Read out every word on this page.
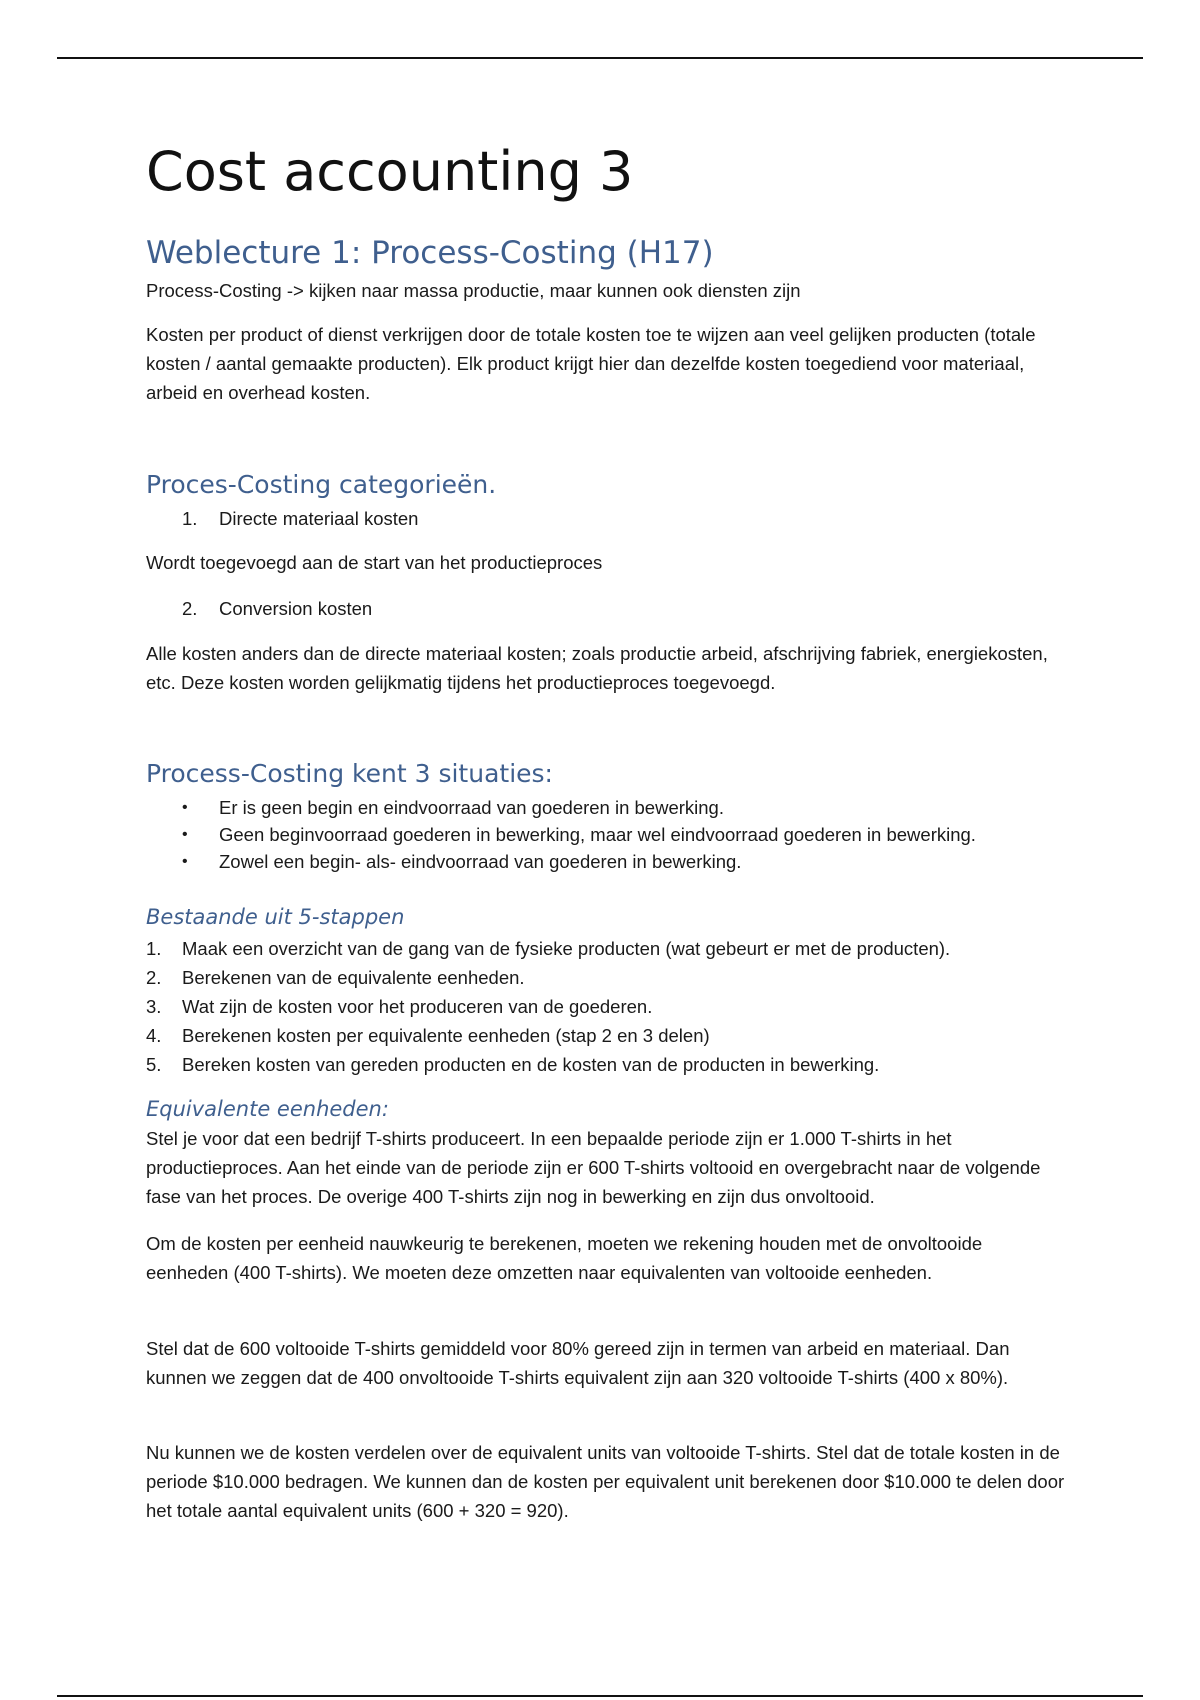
Cost accounting 3
Weblecture 1: Process-Costing (H17)

Process-Costing -> kijken naar massa productie, maar kunnen ook diensten zijn

Kosten per product of dienst verkrijgen door de totale kosten toe te wijzen aan veel gelijken producten (totale kosten / aantal gemaakte producten). Elk product krijgt hier dan dezelfde kosten toegediend voor materiaal, arbeid en overhead kosten.

Proces-Costing categorieën.
1. Directe materiaal kosten

Wordt toegevoegd aan de start van het productieproces

2. Conversion kosten

Alle kosten anders dan de directe materiaal kosten; zoals productie arbeid, afschrijving fabriek, energiekosten, etc. Deze kosten worden gelijkmatig tijdens het productieproces toegevoegd.

Process-Costing kent 3 situaties:
• Er is geen begin en eindvoorraad van goederen in bewerking.
• Geen beginvoorraad goederen in bewerking, maar wel eindvoorraad goederen in bewerking.
• Zowel een begin- als- eindvoorraad van goederen in bewerking.
Bestaande uit 5-stappen
1. Maak een overzicht van de gang van de fysieke producten (wat gebeurt er met de producten).
2. Berekenen van de equivalente eenheden.
3. Wat zijn de kosten voor het produceren van de goederen.
4. Berekenen kosten per equivalente eenheden (stap 2 en 3 delen)
5. Bereken kosten van gereden producten en de kosten van de producten in bewerking.
Equivalente eenheden:

Stel je voor dat een bedrijf T-shirts produceert. In een bepaalde periode zijn er 1.000 T-shirts in het productieproces. Aan het einde van de periode zijn er 600 T-shirts voltooid en overgebracht naar de volgende fase van het proces. De overige 400 T-shirts zijn nog in bewerking en zijn dus onvoltooid.

Om de kosten per eenheid nauwkeurig te berekenen, moeten we rekening houden met de onvoltooide eenheden (400 T-shirts). We moeten deze omzetten naar equivalenten van voltooide eenheden.

Stel dat de 600 voltooide T-shirts gemiddeld voor 80% gereed zijn in termen van arbeid en materiaal. Dan kunnen we zeggen dat de 400 onvoltooide T-shirts equivalent zijn aan 320 voltooide T-shirts (400 x 80%).

Nu kunnen we de kosten verdelen over de equivalent units van voltooide T-shirts. Stel dat de totale kosten in de periode $10.000 bedragen. We kunnen dan de kosten per equivalent unit berekenen door $10.000 te delen door het totale aantal equivalent units (600 + 320 = 920).
